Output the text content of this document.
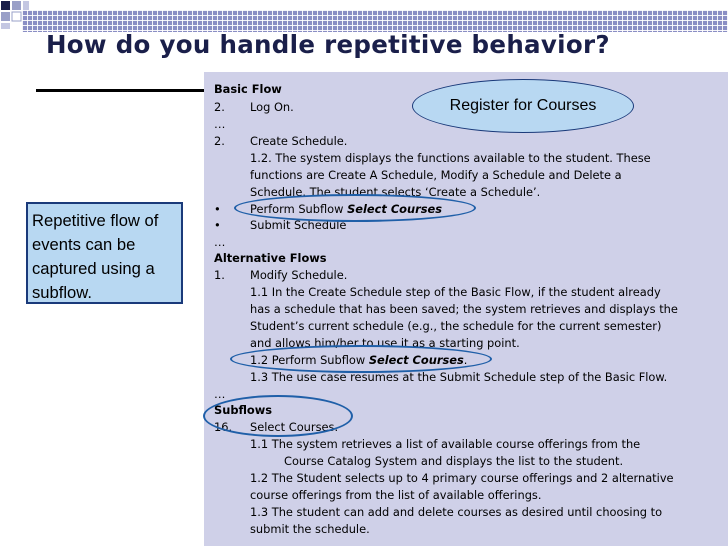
How do you handle repetitive behavior?
Basic Flow
2. Log On.
…
2. Create Schedule.
1.2. The system displays the functions available to the student. These
functions are Create A Schedule, Modify a Schedule and Delete a
Schedule. The student selects ‘Create a Schedule’.
•	Perform Subflow Select Courses
•	Submit Schedule
…
Alternative Flows
1. Modify Schedule.
1.1 In the Create Schedule step of the Basic Flow, if the student already
has a schedule that has been saved; the system retrieves and displays the
Student’s current schedule (e.g., the schedule for the current semester)
and allows him/her to use it as a starting point.
1.2 Perform Subflow Select Courses.
1.3 The use case resumes at the Submit Schedule step of the Basic Flow.
…
Subflows
16. Select Courses.
1.1 The system retrieves a list of available course offerings from the
Course Catalog System and displays the list to the student.
1.2 The Student selects up to 4 primary course offerings and 2 alternative
course offerings from the list of available offerings.
1.3 The student can add and delete courses as desired until choosing to
submit the schedule.
Repetitive flow of events can be captured using a subflow.
Register for Courses
